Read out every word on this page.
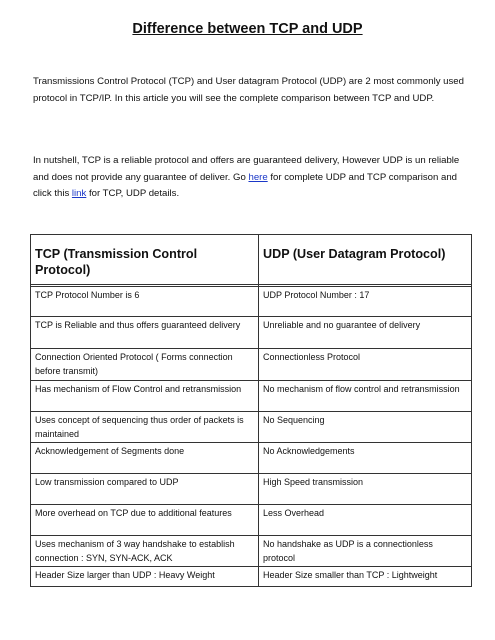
Difference between TCP and UDP
Transmissions Control Protocol (TCP) and User datagram Protocol (UDP) are 2 most commonly used protocol in TCP/IP. In this article you will see the complete comparison between TCP and UDP.
In nutshell, TCP is a reliable protocol and offers are guaranteed delivery, However UDP is un reliable and does not provide any guarantee of deliver. Go here for complete UDP and TCP comparison and click this link for TCP, UDP details.
TCP (Transmission Control Protocol)	UDP (User Datagram Protocol)

TCP Protocol Number is 6	UDP Protocol Number : 17
TCP is Reliable and thus offers guaranteed delivery	Unreliable and no guarantee of delivery
Connection Oriented Protocol ( Forms connection before transmit)	Connectionless Protocol
Has mechanism of Flow Control and retransmission	No mechanism of flow control and retransmission
Uses concept of sequencing thus order of packets is maintained	No Sequencing
Acknowledgement of Segments done	No Acknowledgements
Low transmission compared to UDP	High Speed transmission
More overhead on TCP due to additional features	Less Overhead
Uses mechanism of 3 way handshake to establish connection : SYN, SYN-ACK, ACK	No handshake as UDP is a connectionless protocol
Header Size larger than UDP : Heavy Weight	Header Size smaller than TCP : Lightweight
